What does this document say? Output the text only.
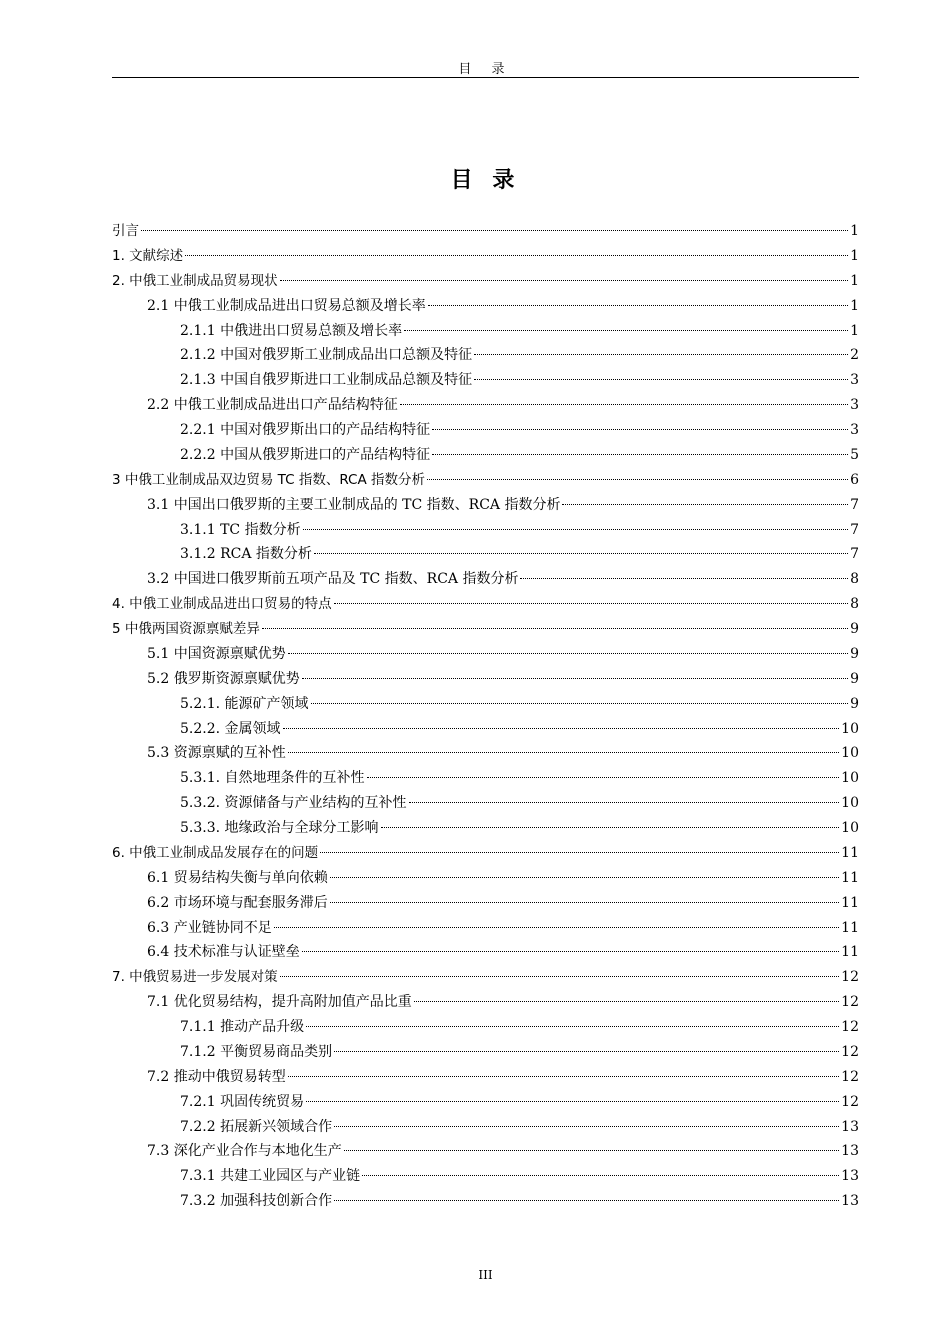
目 录
目 录
引言	1
1. 文献综述	1
2. 中俄工业制成品贸易现状	1
2.1 中俄工业制成品进出口贸易总额及增长率	1
2.1.1 中俄进出口贸易总额及增长率	1
2.1.2 中国对俄罗斯工业制成品出口总额及特征	2
2.1.3 中国自俄罗斯进口工业制成品总额及特征	3
2.2 中俄工业制成品进出口产品结构特征	3
2.2.1 中国对俄罗斯出口的产品结构特征	3
2.2.2 中国从俄罗斯进口的产品结构特征	5
3 中俄工业制成品双边贸易 TC 指数、RCA 指数分析	6
3.1 中国出口俄罗斯的主要工业制成品的 TC 指数、RCA 指数分析	7
3.1.1 TC 指数分析	7
3.1.2 RCA 指数分析	7
3.2 中国进口俄罗斯前五项产品及 TC 指数、RCA 指数分析	8
4. 中俄工业制成品进出口贸易的特点	8
5 中俄两国资源禀赋差异	9
5.1 中国资源禀赋优势	9
5.2 俄罗斯资源禀赋优势	9
5.2.1. 能源矿产领域	9
5.2.2. 金属领域	10
5.3 资源禀赋的互补性	10
5.3.1. 自然地理条件的互补性	10
5.3.2. 资源储备与产业结构的互补性	10
5.3.3. 地缘政治与全球分工影响	10
6. 中俄工业制成品发展存在的问题	11
6.1 贸易结构失衡与单向依赖	11
6.2 市场环境与配套服务滞后	11
6.3 产业链协同不足	11
6.4 技术标准与认证壁垒	11
7. 中俄贸易进一步发展对策	12
7.1 优化贸易结构，提升高附加值产品比重	12
7.1.1 推动产品升级	12
7.1.2 平衡贸易商品类别	12
7.2 推动中俄贸易转型	12
7.2.1 巩固传统贸易	12
7.2.2 拓展新兴领域合作	13
7.3 深化产业合作与本地化生产	13
7.3.1 共建工业园区与产业链	13
7.3.2 加强科技创新合作	13
III
